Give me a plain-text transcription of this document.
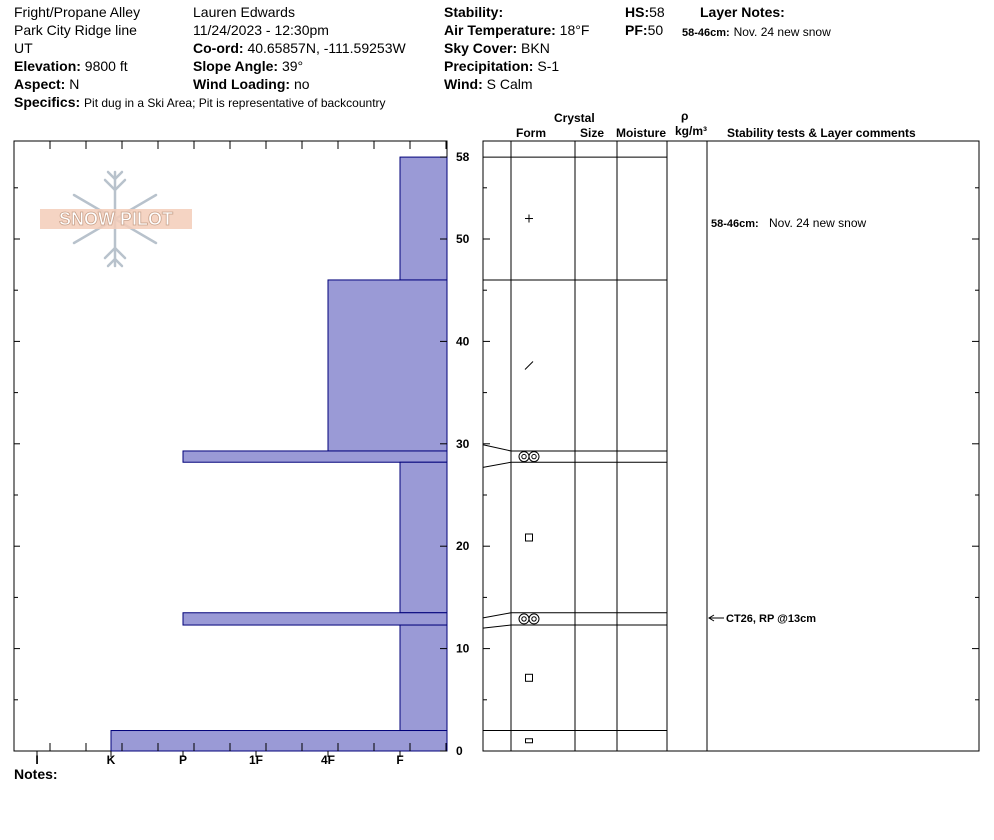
Fright/Propane Alley
Park City Ridge line
UT
Elevation: 9800 ft
Aspect: N
Specifics: Pit dug in a Ski Area; Pit is representative of backcountry
Lauren Edwards
11/24/2023 - 12:30pm
Co-ord: 40.65857N, -111.59253W
Slope Angle: 39°
Wind Loading: no
Stability:
Air Temperature: 18°F
Sky Cover: BKN
Precipitation: S-1
Wind: S Calm
HS:58
PF:50
Layer Notes:
58-46cm: Nov. 24 new snow
Crystal
Form	Size Moisture
ρ
kg/m³ Stability tests & Layer comments
Notes:
0
10
20
30
40
50
58
I	K	P	1F	4F	F
SNOW PILOT	58-46cm: Nov. 24 new snow
CT26, RP @13cm
